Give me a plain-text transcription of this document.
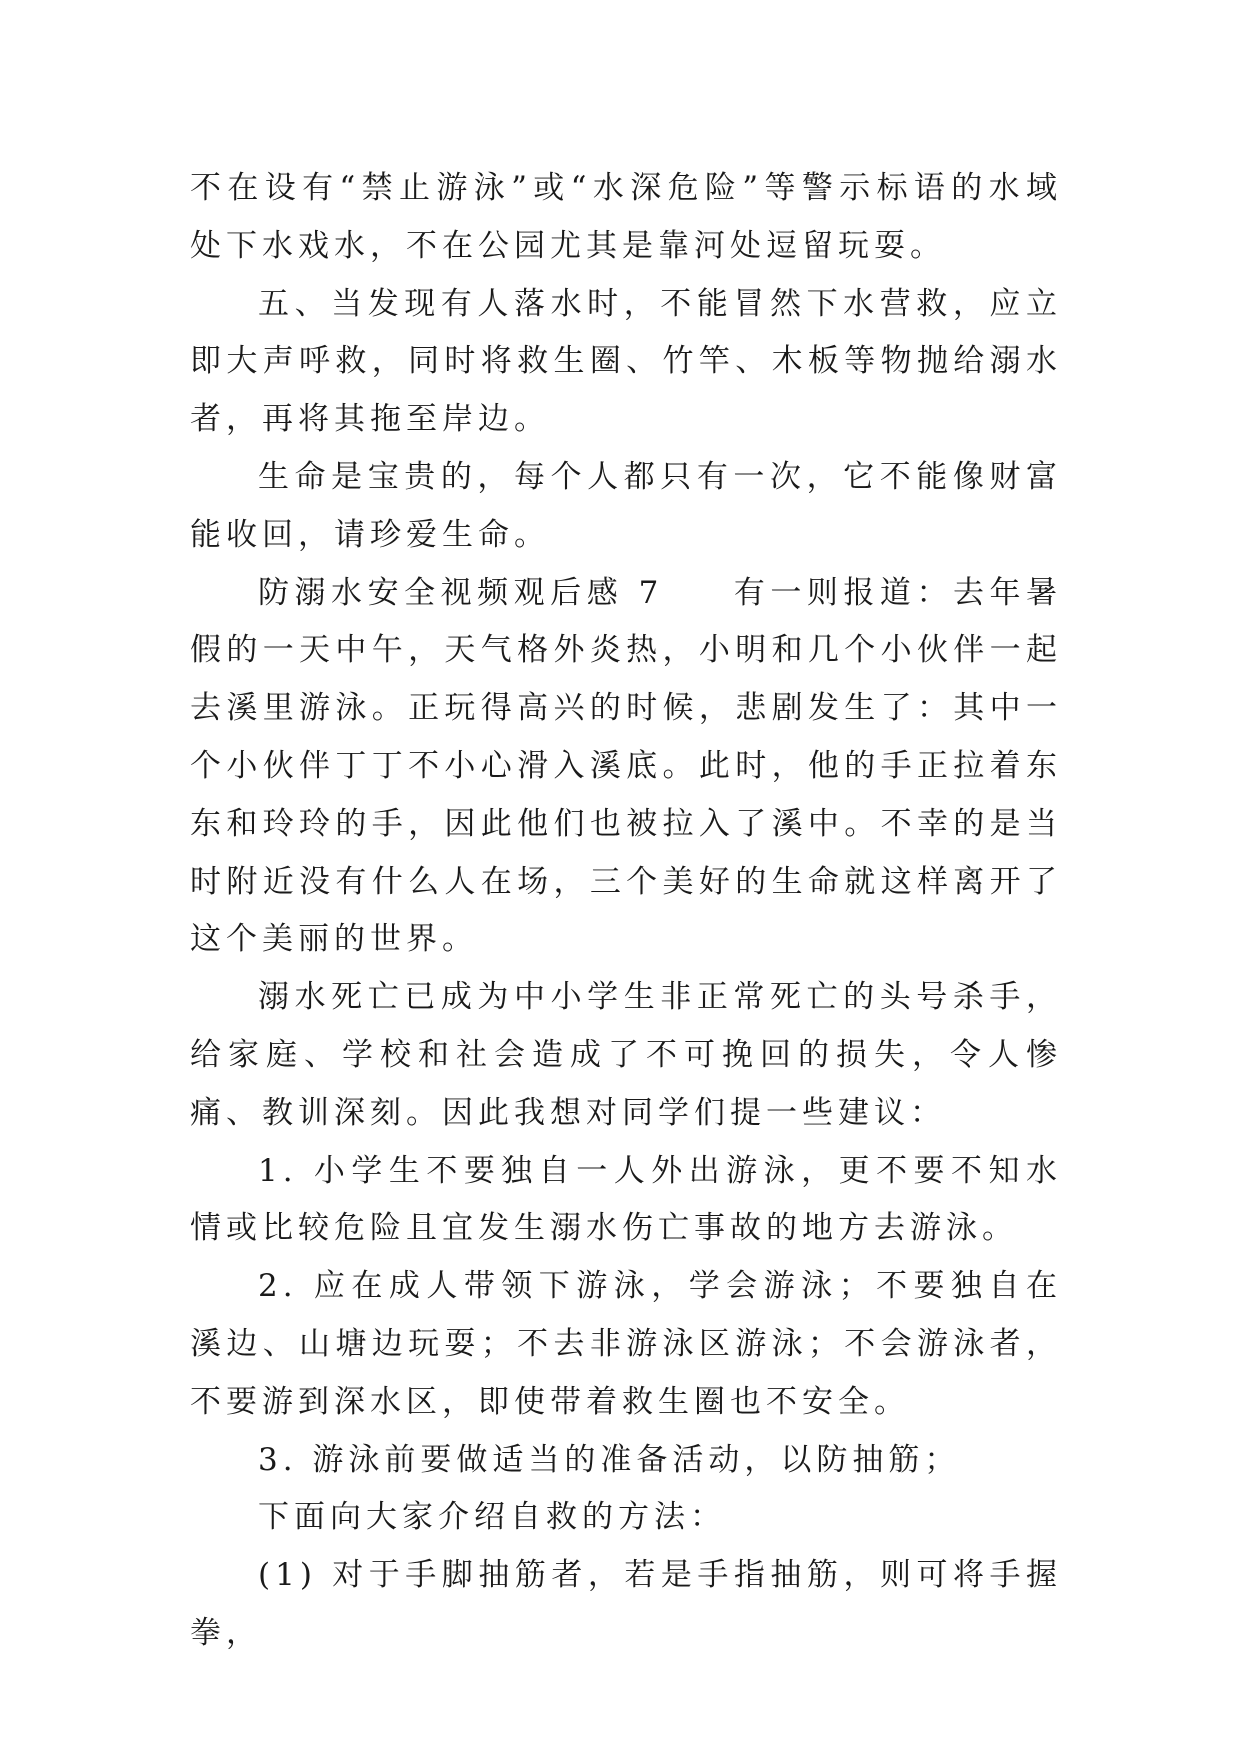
不在设有“禁止游泳”或“水深危险”等警示标语的水域处下水戏水，不在公园尤其是靠河处逗留玩耍。

五、当发现有人落水时，不能冒然下水营救，应立即大声呼救，同时将救生圈、竹竿、木板等物抛给溺水者，再将其拖至岸边。

生命是宝贵的，每个人都只有一次，它不能像财富能收回，请珍爱生命。

防溺水安全视频观后感 7 有一则报道：去年暑假的一天中午，天气格外炎热，小明和几个小伙伴一起去溪里游泳。正玩得高兴的时候，悲剧发生了：其中一个小伙伴丁丁不小心滑入溪底。此时，他的手正拉着东东和玲玲的手，因此他们也被拉入了溪中。不幸的是当时附近没有什么人在场，三个美好的生命就这样离开了这个美丽的世界。

溺水死亡已成为中小学生非正常死亡的头号杀手，给家庭、学校和社会造成了不可挽回的损失，令人惨痛、教训深刻。因此我想对同学们提一些建议：

1. 小学生不要独自一人外出游泳，更不要不知水情或比较危险且宜发生溺水伤亡事故的地方去游泳。

2. 应在成人带领下游泳，学会游泳；不要独自在溪边、山塘边玩耍；不去非游泳区游泳；不会游泳者，不要游到深水区，即使带着救生圈也不安全。

3. 游泳前要做适当的准备活动，以防抽筋；

下面向大家介绍自救的方法：

(1) 对于手脚抽筋者，若是手指抽筋，则可将手握拳，
